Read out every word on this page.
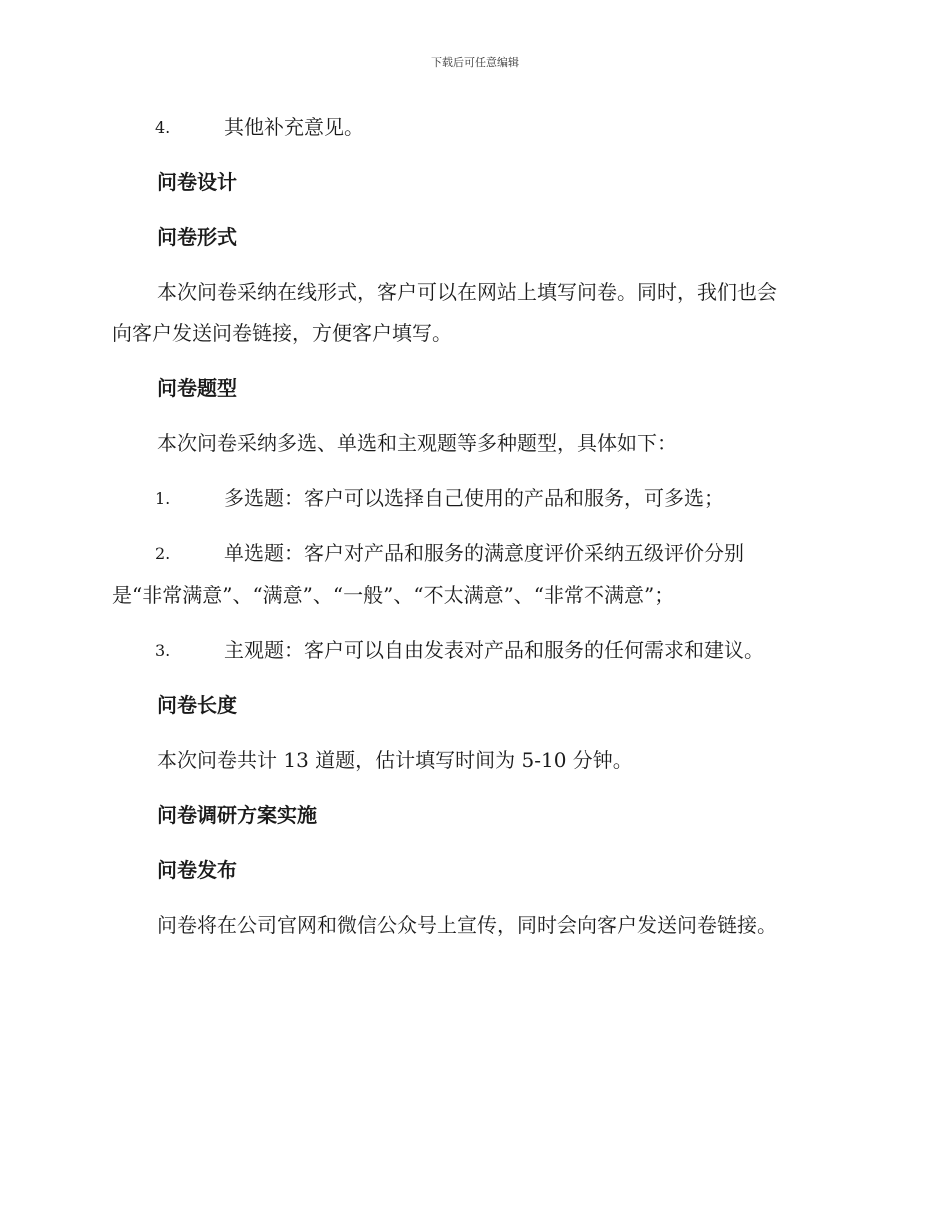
下载后可任意编辑
4.	其他补充意见。
问卷设计
问卷形式
本次问卷采纳在线形式，客户可以在网站上填写问卷。同时，我们也会
向客户发送问卷链接，方便客户填写。
问卷题型
本次问卷采纳多选、单选和主观题等多种题型，具体如下：
1.	多选题：客户可以选择自己使用的产品和服务，可多选；
2.	单选题：客户对产品和服务的满意度评价采纳五级评价分别
是“非常满意”、“满意”、“一般”、“不太满意”、“非常不满意”；
3.	主观题：客户可以自由发表对产品和服务的任何需求和建议。
问卷长度
本次问卷共计 13 道题，估计填写时间为 5-10 分钟。
问卷调研方案实施
问卷发布
问卷将在公司官网和微信公众号上宣传，同时会向客户发送问卷链接。
